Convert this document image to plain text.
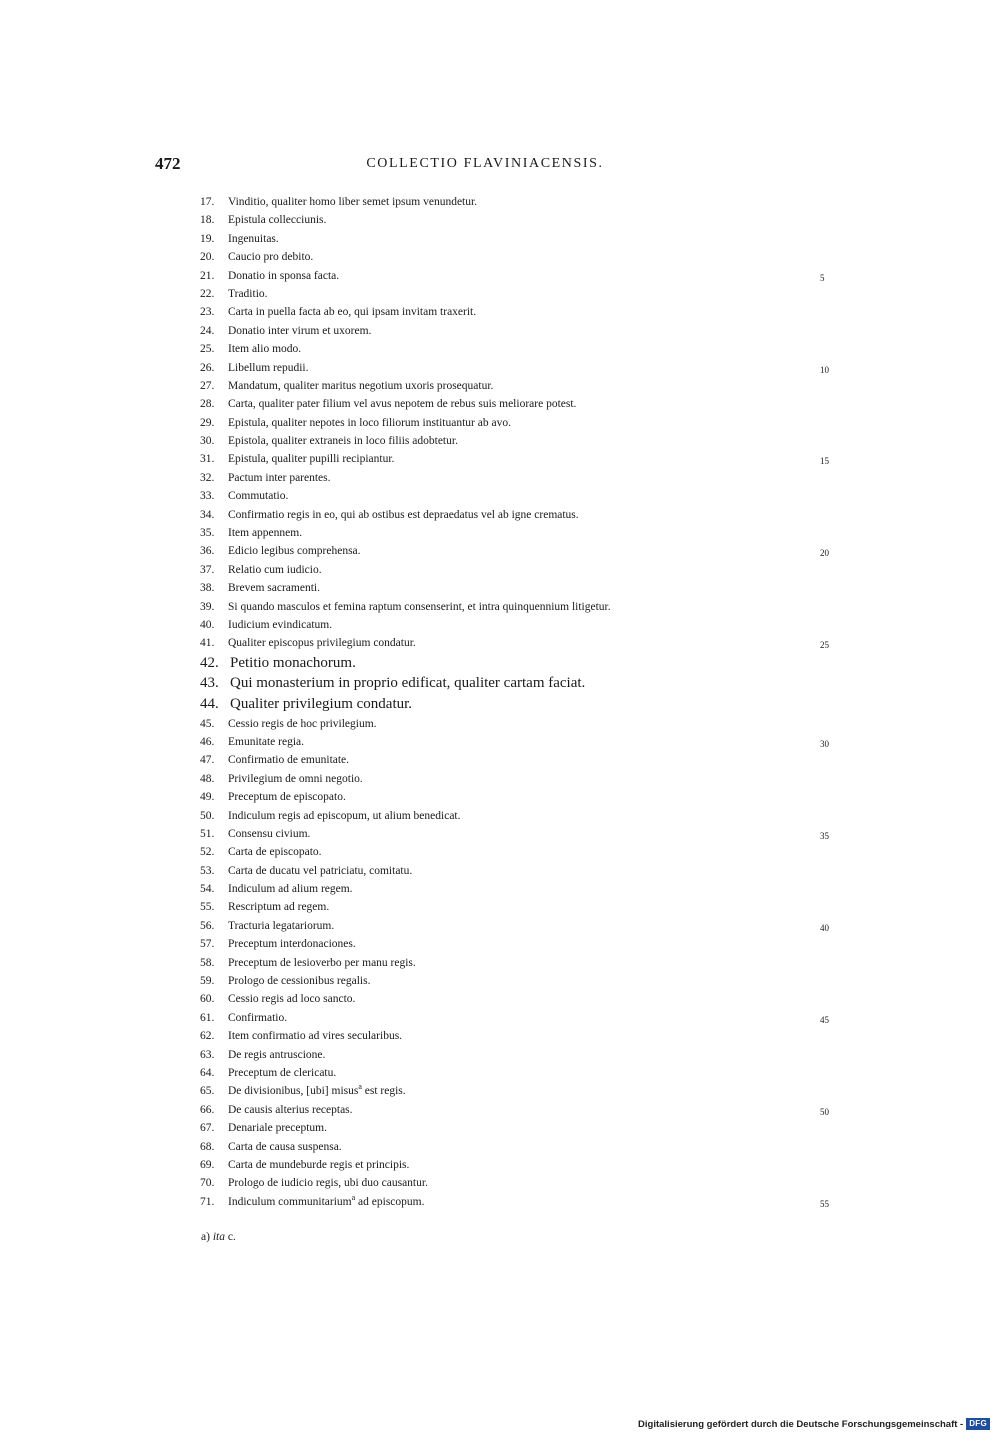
472	COLLECTIO FLAVINIACENSIS.
17. Vinditio, qualiter homo liber semet ipsum venundetur.
18. Epistula collecciunis.
19. Ingenuitas.
20. Caucio pro debito.
21. Donatio in sponsa facta.	5
22. Traditio.
23. Carta in puella facta ab eo, qui ipsam invitam traxerit.
24. Donatio inter virum et uxorem.
25. Item alio modo.
26. Libellum repudii.	10
27. Mandatum, qualiter maritus negotium uxoris prosequatur.
28. Carta, qualiter pater filium vel avus nepotem de rebus suis meliorare potest.
29. Epistula, qualiter nepotes in loco filiorum instituantur ab avo.
30. Epistola, qualiter extraneis in loco filiis adobtetur.
31. Epistula, qualiter pupilli recipiantur.	15
32. Pactum inter parentes.
33. Commutatio.
34. Confirmatio regis in eo, qui ab ostibus est depraedatus vel ab igne crematus.
35. Item appennem.
36. Edicio legibus comprehensa.	20
37. Relatio cum iudicio.
38. Brevem sacramenti.
39. Si quando masculos et femina raptum consenserint, et intra quinquennium litigetur.
40. Iudicium evindicatum.
41. Qualiter episcopus privilegium condatur.	25
42. Petitio monachorum.
43. Qui monasterium in proprio edificat, qualiter cartam faciat.
44. Qualiter privilegium condatur.
45. Cessio regis de hoc privilegium.
46. Emunitate regia.	30
47. Confirmatio de emunitate.
48. Privilegium de omni negotio.
49. Preceptum de episcopato.
50. Indiculum regis ad episcopum, ut alium benedicat.
51. Consensu civium.	35
52. Carta de episcopato.
53. Carta de ducatu vel patriciatu, comitatu.
54. Indiculum ad alium regem.
55. Rescriptum ad regem.
56. Tracturia legatariorum.	40
57. Preceptum interdonaciones.
58. Preceptum de lesioverbo per manu regis.
59. Prologo de cessionibus regalis.
60. Cessio regis ad loco sancto.
61. Confirmatio.	45
62. Item confirmatio ad vires secularibus.
63. De regis antruscione.
64. Preceptum de clericatu.
65. De divisionibus, [ubi] misus$^a$ est regis.
66. De causis alterius receptas.	50
67. Denariale preceptum.
68. Carta de causa suspensa.
69. Carta de mundeburde regis et principis.
70. Prologo de iudicio regis, ubi duo causantur.
71. Indiculum communitarium$^a$ ad episcopum.	55
a) ita c.
Digitalisierung gefördert durch die Deutsche Forschungsgemeinschaft - DFG
